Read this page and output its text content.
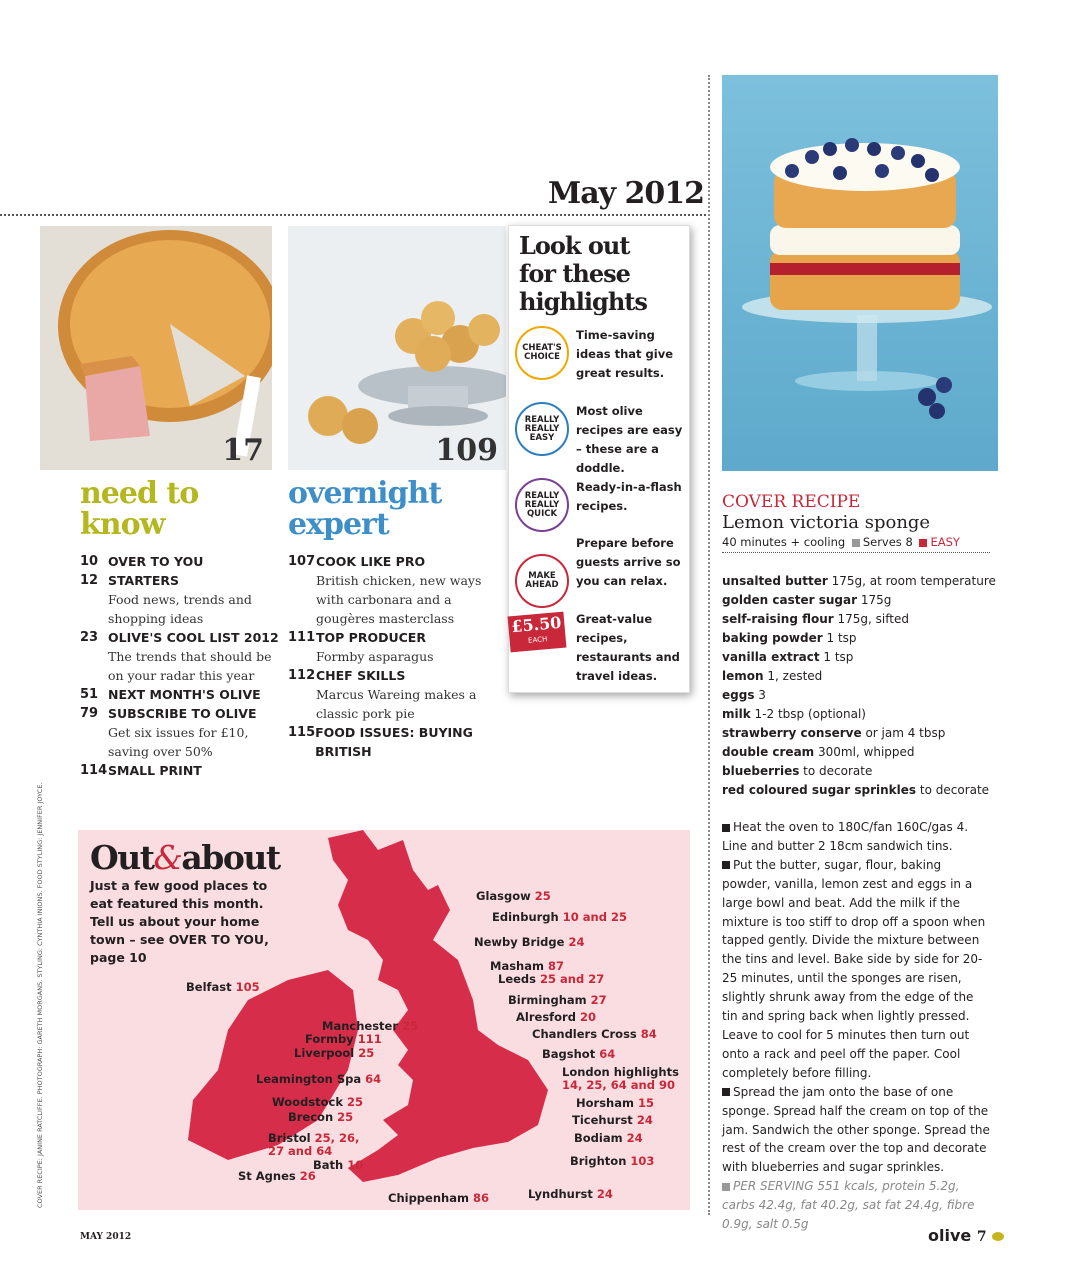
May 2012
17	109
need to
know
10 OVER TO YOU
12 STARTERS
Food news, trends and shopping ideas
23 OLIVE'S COOL LIST 2012
The trends that should be on your radar this year
51 NEXT MONTH'S OLIVE
79 SUBSCRIBE TO OLIVE
Get six issues for £10, saving over 50%
114 SMALL PRINT
overnight
expert
107 COOK LIKE PRO
British chicken, new ways with carbonara and a gougères masterclass
111 TOP PRODUCER
Formby asparagus
112 CHEF SKILLS
Marcus Wareing makes a classic pork pie
115 FOOD ISSUES: BUYING BRITISH
Look out
for these
highlights
CHEAT'S CHOICE
Time-saving ideas that give great results.
REALLY REALLY EASY
Most olive recipes are easy – these are a doddle.
REALLY REALLY QUICK
Ready-in-a-flash recipes.
MAKE AHEAD
Prepare before guests arrive so you can relax.
£5.50
EACH
Great-value recipes, restaurants and travel ideas.
COVER RECIPE
Lemon victoria sponge
40 minutes + cooling Serves 8 EASY
unsalted butter 175g, at room temperature
golden caster sugar 175g
self-raising flour 175g, sifted
baking powder 1 tsp
vanilla extract 1 tsp
lemon 1, zested
eggs 3
milk 1-2 tbsp (optional)
strawberry conserve or jam 4 tbsp
double cream 300ml, whipped
blueberries to decorate
red coloured sugar sprinkles to decorate
Heat the oven to 180C/fan 160C/gas 4. Line and butter 2 18cm sandwich tins.
Put the butter, sugar, flour, baking powder, vanilla, lemon zest and eggs in a large bowl and beat. Add the milk if the mixture is too stiff to drop off a spoon when tapped gently. Divide the mixture between the tins and level. Bake side by side for 20-25 minutes, until the sponges are risen, slightly shrunk away from the edge of the tin and spring back when lightly pressed. Leave to cool for 5 minutes then turn out onto a rack and peel off the paper. Cool completely before filling.
Spread the jam onto the base of one sponge. Spread half the cream on top of the jam. Sandwich the other sponge. Spread the rest of the cream over the top and decorate with blueberries and sugar sprinkles.
PER SERVING 551 kcals, protein 5.2g, carbs 42.4g, fat 40.2g, sat fat 24.4g, fibre 0.9g, salt 0.5g
COVER RECIPE: JANINE RATCLIFFE. PHOTOGRAPH: GARETH MORGANS. STYLING: CYNTHIA INIONS. FOOD STYLING: JENNIFER JOYCE. Out&about
Just a few good places to eat featured this month. Tell us about your home town – see OVER TO YOU, page 10
Glasgow 25
Edinburgh 10 and 25
Newby Bridge 24
Masham 87
Leeds 25 and 27
Belfast 105
Birmingham 27
Alresford 20
Manchester 25
Formby 111
Liverpool 25
Chandlers Cross 84
Bagshot 64
Leamington Spa 64	London highlights 14, 25, 64 and 90
Woodstock 25
Brecon 25
Horsham 15
Ticehurst 24
Bristol 25, 26, 27 and 64
Bodiam 24
Bath 10	Brighton 103
St Agnes 26
Lyndhurst 24
Chippenham 86
MAY 2012	olive 7
